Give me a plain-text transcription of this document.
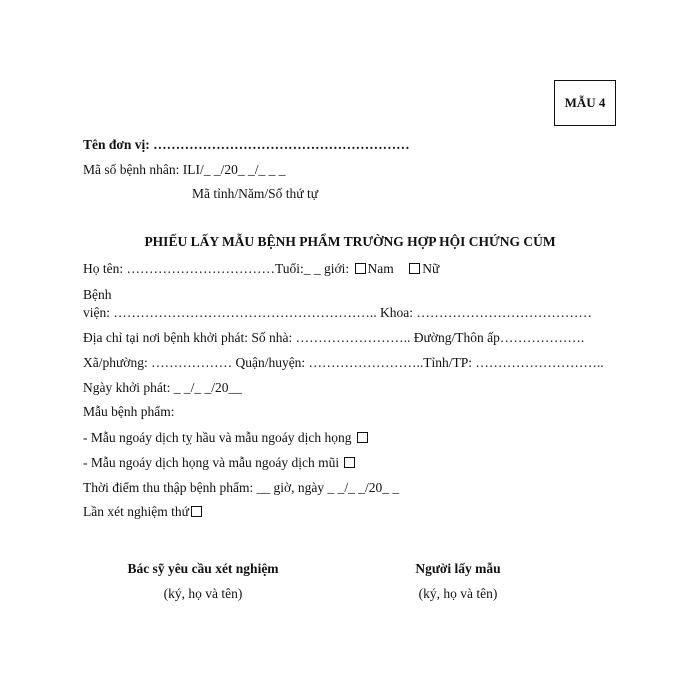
MẪU 4
Tên đơn vị: …………………………………………………
Mã số bệnh nhân: ILI/_ _/20_ _/_ _ _
Mã tỉnh/Năm/Số thứ tự
PHIẾU LẤY MẪU BỆNH PHẨM TRƯỜNG HỢP HỘI CHỨNG CÚM
Họ tên: ……………………………Tuổi:_ _ giới: Nam Nữ
Bệnh
viện: ………………………………………………….. Khoa: …………………………………
Địa chỉ tại nơi bệnh khởi phát: Số nhà: …………………….. Đường/Thôn ấp……………….
Xã/phường: ……………… Quận/huyện: ……………………..Tỉnh/TP: ………………………..
Ngày khởi phát: _ _/_ _/20__
Mẫu bệnh phẩm:
- Mẫu ngoáy dịch tỵ hầu và mẫu ngoáy dịch họng
- Mẫu ngoáy dịch họng và mẫu ngoáy dịch mũi
Thời điểm thu thập bệnh phẩm: __ giờ, ngày _ _/_ _/20_ _
Lần xét nghiệm thứ
Bác sỹ yêu cầu xét nghiệm
(ký, họ và tên)
Người lấy mẫu
(ký, họ và tên)
